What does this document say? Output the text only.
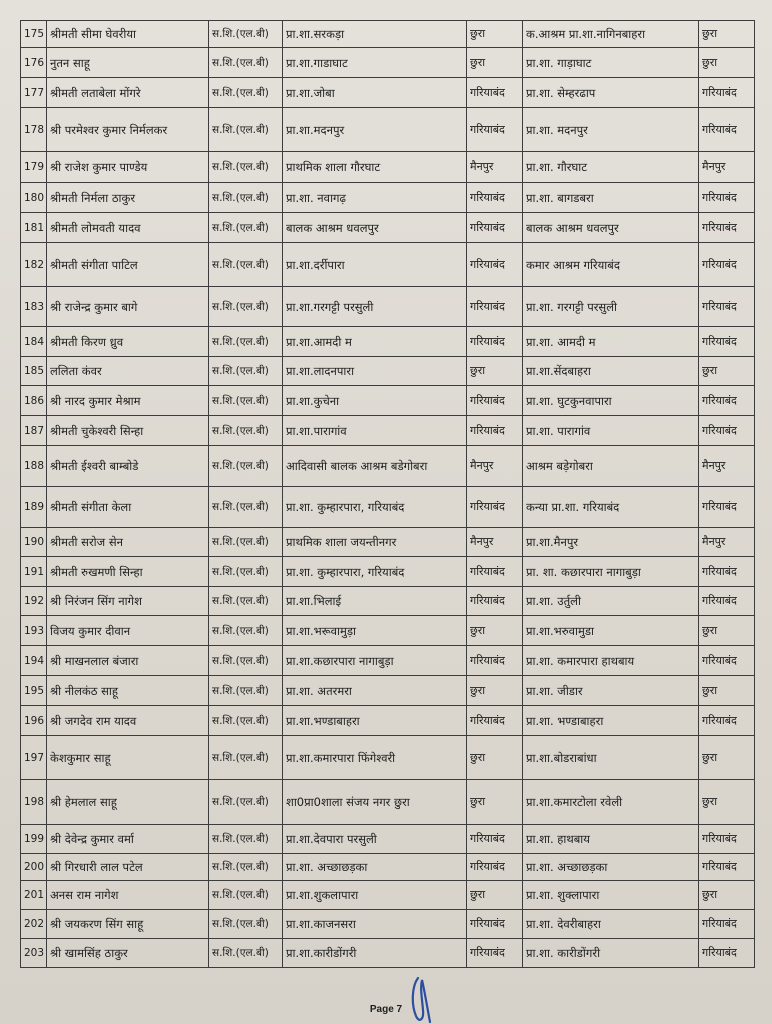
175	श्रीमती सीमा घेवरीया	स.शि.(एल.बी)	प्रा.शा.सरकड़ा	छुरा	क.आश्रम प्रा.शा.नागिनबाहरा	छुरा
176	नुतन साहू	स.शि.(एल.बी)	प्रा.शा.गाडाघाट	छुरा	प्रा.शा. गाड़ाघाट	छुरा
177	श्रीमती लताबेला मोंगरे	स.शि.(एल.बी)	प्रा.शा.जोबा	गरियाबंद	प्रा.शा. सेम्हरढाप	गरियाबंद
178	श्री परमेश्वर कुमार निर्मलकर	स.शि.(एल.बी)	प्रा.शा.मदनपुर	गरियाबंद	प्रा.शा. मदनपुर	गरियाबंद
179	श्री राजेश कुमार पाण्डेय	स.शि.(एल.बी)	प्राथमिक शाला गौरघाट	मैनपुर	प्रा.शा. गौरघाट	मैनपुर
180	श्रीमती निर्मला ठाकुर	स.शि.(एल.बी)	प्रा.शा. नवागढ़	गरियाबंद	प्रा.शा. बागडबरा	गरियाबंद
181	श्रीमती लोमवती यादव	स.शि.(एल.बी)	बालक आश्रम धवलपुर	गरियाबंद	बालक आश्रम धवलपुर	गरियाबंद
182	श्रीमती संगीता पाटिल	स.शि.(एल.बी)	प्रा.शा.दर्रीपारा	गरियाबंद	कमार आश्रम गरियाबंद	गरियाबंद
183	श्री राजेन्द्र कुमार बागे	स.शि.(एल.बी)	प्रा.शा.गरगट्टी परसुली	गरियाबंद	प्रा.शा. गरगट्टी परसुली	गरियाबंद
184	श्रीमती किरण ध्रुव	स.शि.(एल.बी)	प्रा.शा.आमदी म	गरियाबंद	प्रा.शा. आमदी म	गरियाबंद
185	ललिता कंवर	स.शि.(एल.बी)	प्रा.शा.लादनपारा	छुरा	प्रा.शा.सेंदबाहरा	छुरा
186	श्री नारद कुमार मेश्राम	स.शि.(एल.बी)	प्रा.शा.कुचेना	गरियाबंद	प्रा.शा. घुटकुनवापारा	गरियाबंद
187	श्रीमती चुकेश्वरी सिन्हा	स.शि.(एल.बी)	प्रा.शा.पारागांव	गरियाबंद	प्रा.शा. पारागांव	गरियाबंद
188	श्रीमती ईश्वरी बाम्बोडे	स.शि.(एल.बी)	आदिवासी बालक आश्रम बडेगोबरा	मैनपुर	आश्रम बड़ेगोबरा	मैनपुर
189	श्रीमती संगीता केला	स.शि.(एल.बी)	प्रा.शा. कुम्हारपारा, गरियाबंद	गरियाबंद	कन्या प्रा.शा. गरियाबंद	गरियाबंद
190	श्रीमती सरोज सेन	स.शि.(एल.बी)	प्राथमिक शाला जयन्तीनगर	मैनपुर	प्रा.शा.मैनपुर	मैनपुर
191	श्रीमती रुखमणी सिन्हा	स.शि.(एल.बी)	प्रा.शा. कुम्हारपारा, गरियाबंद	गरियाबंद	प्रा. शा. कछारपारा नागाबुड़ा	गरियाबंद
192	श्री निरंजन सिंग नागेश	स.शि.(एल.बी)	प्रा.शा.भिलाई	गरियाबंद	प्रा.शा. उर्तुली	गरियाबंद
193	विजय कुमार दीवान	स.शि.(एल.बी)	प्रा.शा.भरूवामुड़ा	छुरा	प्रा.शा.भरुवामुडा	छुरा
194	श्री माखनलाल बंजारा	स.शि.(एल.बी)	प्रा.शा.कछारपारा नागाबुड़ा	गरियाबंद	प्रा.शा. कमारपारा हाथबाय	गरियाबंद
195	श्री नीलकंठ साहू	स.शि.(एल.बी)	प्रा.शा. अतरमरा	छुरा	प्रा.शा. जीडार	छुरा
196	श्री जगदेव राम यादव	स.शि.(एल.बी)	प्रा.शा.भण्डाबाहरा	गरियाबंद	प्रा.शा. भण्डाबाहरा	गरियाबंद
197	केशकुमार साहू	स.शि.(एल.बी)	प्रा.शा.कमारपारा फिंगेश्वरी	छुरा	प्रा.शा.बोडराबांधा	छुरा
198	श्री हेमलाल साहू	स.शि.(एल.बी)	शा0प्रा0शाला संजय नगर छुरा	छुरा	प्रा.शा.कमारटोला रवेली	छुरा
199	श्री देवेन्द्र कुमार वर्मा	स.शि.(एल.बी)	प्रा.शा.देवपारा परसुली	गरियाबंद	प्रा.शा. हाथबाय	गरियाबंद
200	श्री गिरधारी लाल पटेल	स.शि.(एल.बी)	प्रा.शा. अच्छाछड़का	गरियाबंद	प्रा.शा. अच्छाछड़का	गरियाबंद
201	अनस राम नागेश	स.शि.(एल.बी)	प्रा.शा.शुकलापारा	छुरा	प्रा.शा. शुक्लापारा	छुरा
202	श्री जयकरण सिंग साहू	स.शि.(एल.बी)	प्रा.शा.काजनसरा	गरियाबंद	प्रा.शा. देवरीबाहरा	गरियाबंद
203	श्री खामसिंह ठाकुर	स.शि.(एल.बी)	प्रा.शा.कारीडोंगरी	गरियाबंद	प्रा.शा. कारीडोंगरी	गरियाबंद
Page 7
